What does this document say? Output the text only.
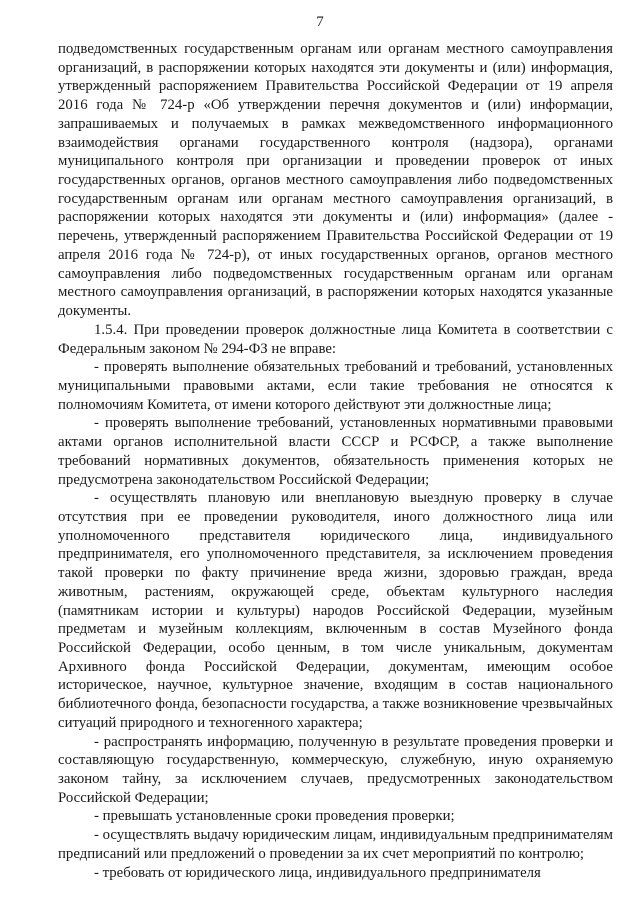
7

подведомственных государственным органам или органам местного самоуправления организаций, в распоряжении которых находятся эти документы и (или) информация, утвержденный распоряжением Правительства Российской Федерации от 19 апреля 2016 года № 724-р «Об утверждении перечня документов и (или) информации, запрашиваемых и получаемых в рамках межведомственного информационного взаимодействия органами государственного контроля (надзора), органами муниципального контроля при организации и проведении проверок от иных государственных органов, органов местного самоуправления либо подведомственных государственным органам или органам местного самоуправления организаций, в распоряжении которых находятся эти документы и (или) информация» (далее - перечень, утвержденный распоряжением Правительства Российской Федерации от 19 апреля 2016 года № 724-р), от иных государственных органов, органов местного самоуправления либо подведомственных государственным органам или органам местного самоуправления организаций, в распоряжении которых находятся указанные документы.

1.5.4. При проведении проверок должностные лица Комитета в соответствии с Федеральным законом № 294-ФЗ не вправе:

- проверять выполнение обязательных требований и требований, установленных муниципальными правовыми актами, если такие требования не относятся к полномочиям Комитета, от имени которого действуют эти должностные лица;

- проверять выполнение требований, установленных нормативными правовыми актами органов исполнительной власти СССР и РСФСР, а также выполнение требований нормативных документов, обязательность применения которых не предусмотрена законодательством Российской Федерации;

- осуществлять плановую или внеплановую выездную проверку в случае отсутствия при ее проведении руководителя, иного должностного лица или уполномоченного представителя юридического лица, индивидуального предпринимателя, его уполномоченного представителя, за исключением проведения такой проверки по факту причинение вреда жизни, здоровью граждан, вреда животным, растениям, окружающей среде, объектам культурного наследия (памятникам истории и культуры) народов Российской Федерации, музейным предметам и музейным коллекциям, включенным в состав Музейного фонда Российской Федерации, особо ценным, в том числе уникальным, документам Архивного фонда Российской Федерации, документам, имеющим особое историческое, научное, культурное значение, входящим в состав национального библиотечного фонда, безопасности государства, а также возникновение чрезвычайных ситуаций природного и техногенного характера;

- распространять информацию, полученную в результате проведения проверки и составляющую государственную, коммерческую, служебную, иную охраняемую законом тайну, за исключением случаев, предусмотренных законодательством Российской Федерации;

- превышать установленные сроки проведения проверки;

- осуществлять выдачу юридическим лицам, индивидуальным предпринимателям предписаний или предложений о проведении за их счет мероприятий по контролю;

- требовать от юридического лица, индивидуального предпринимателя
